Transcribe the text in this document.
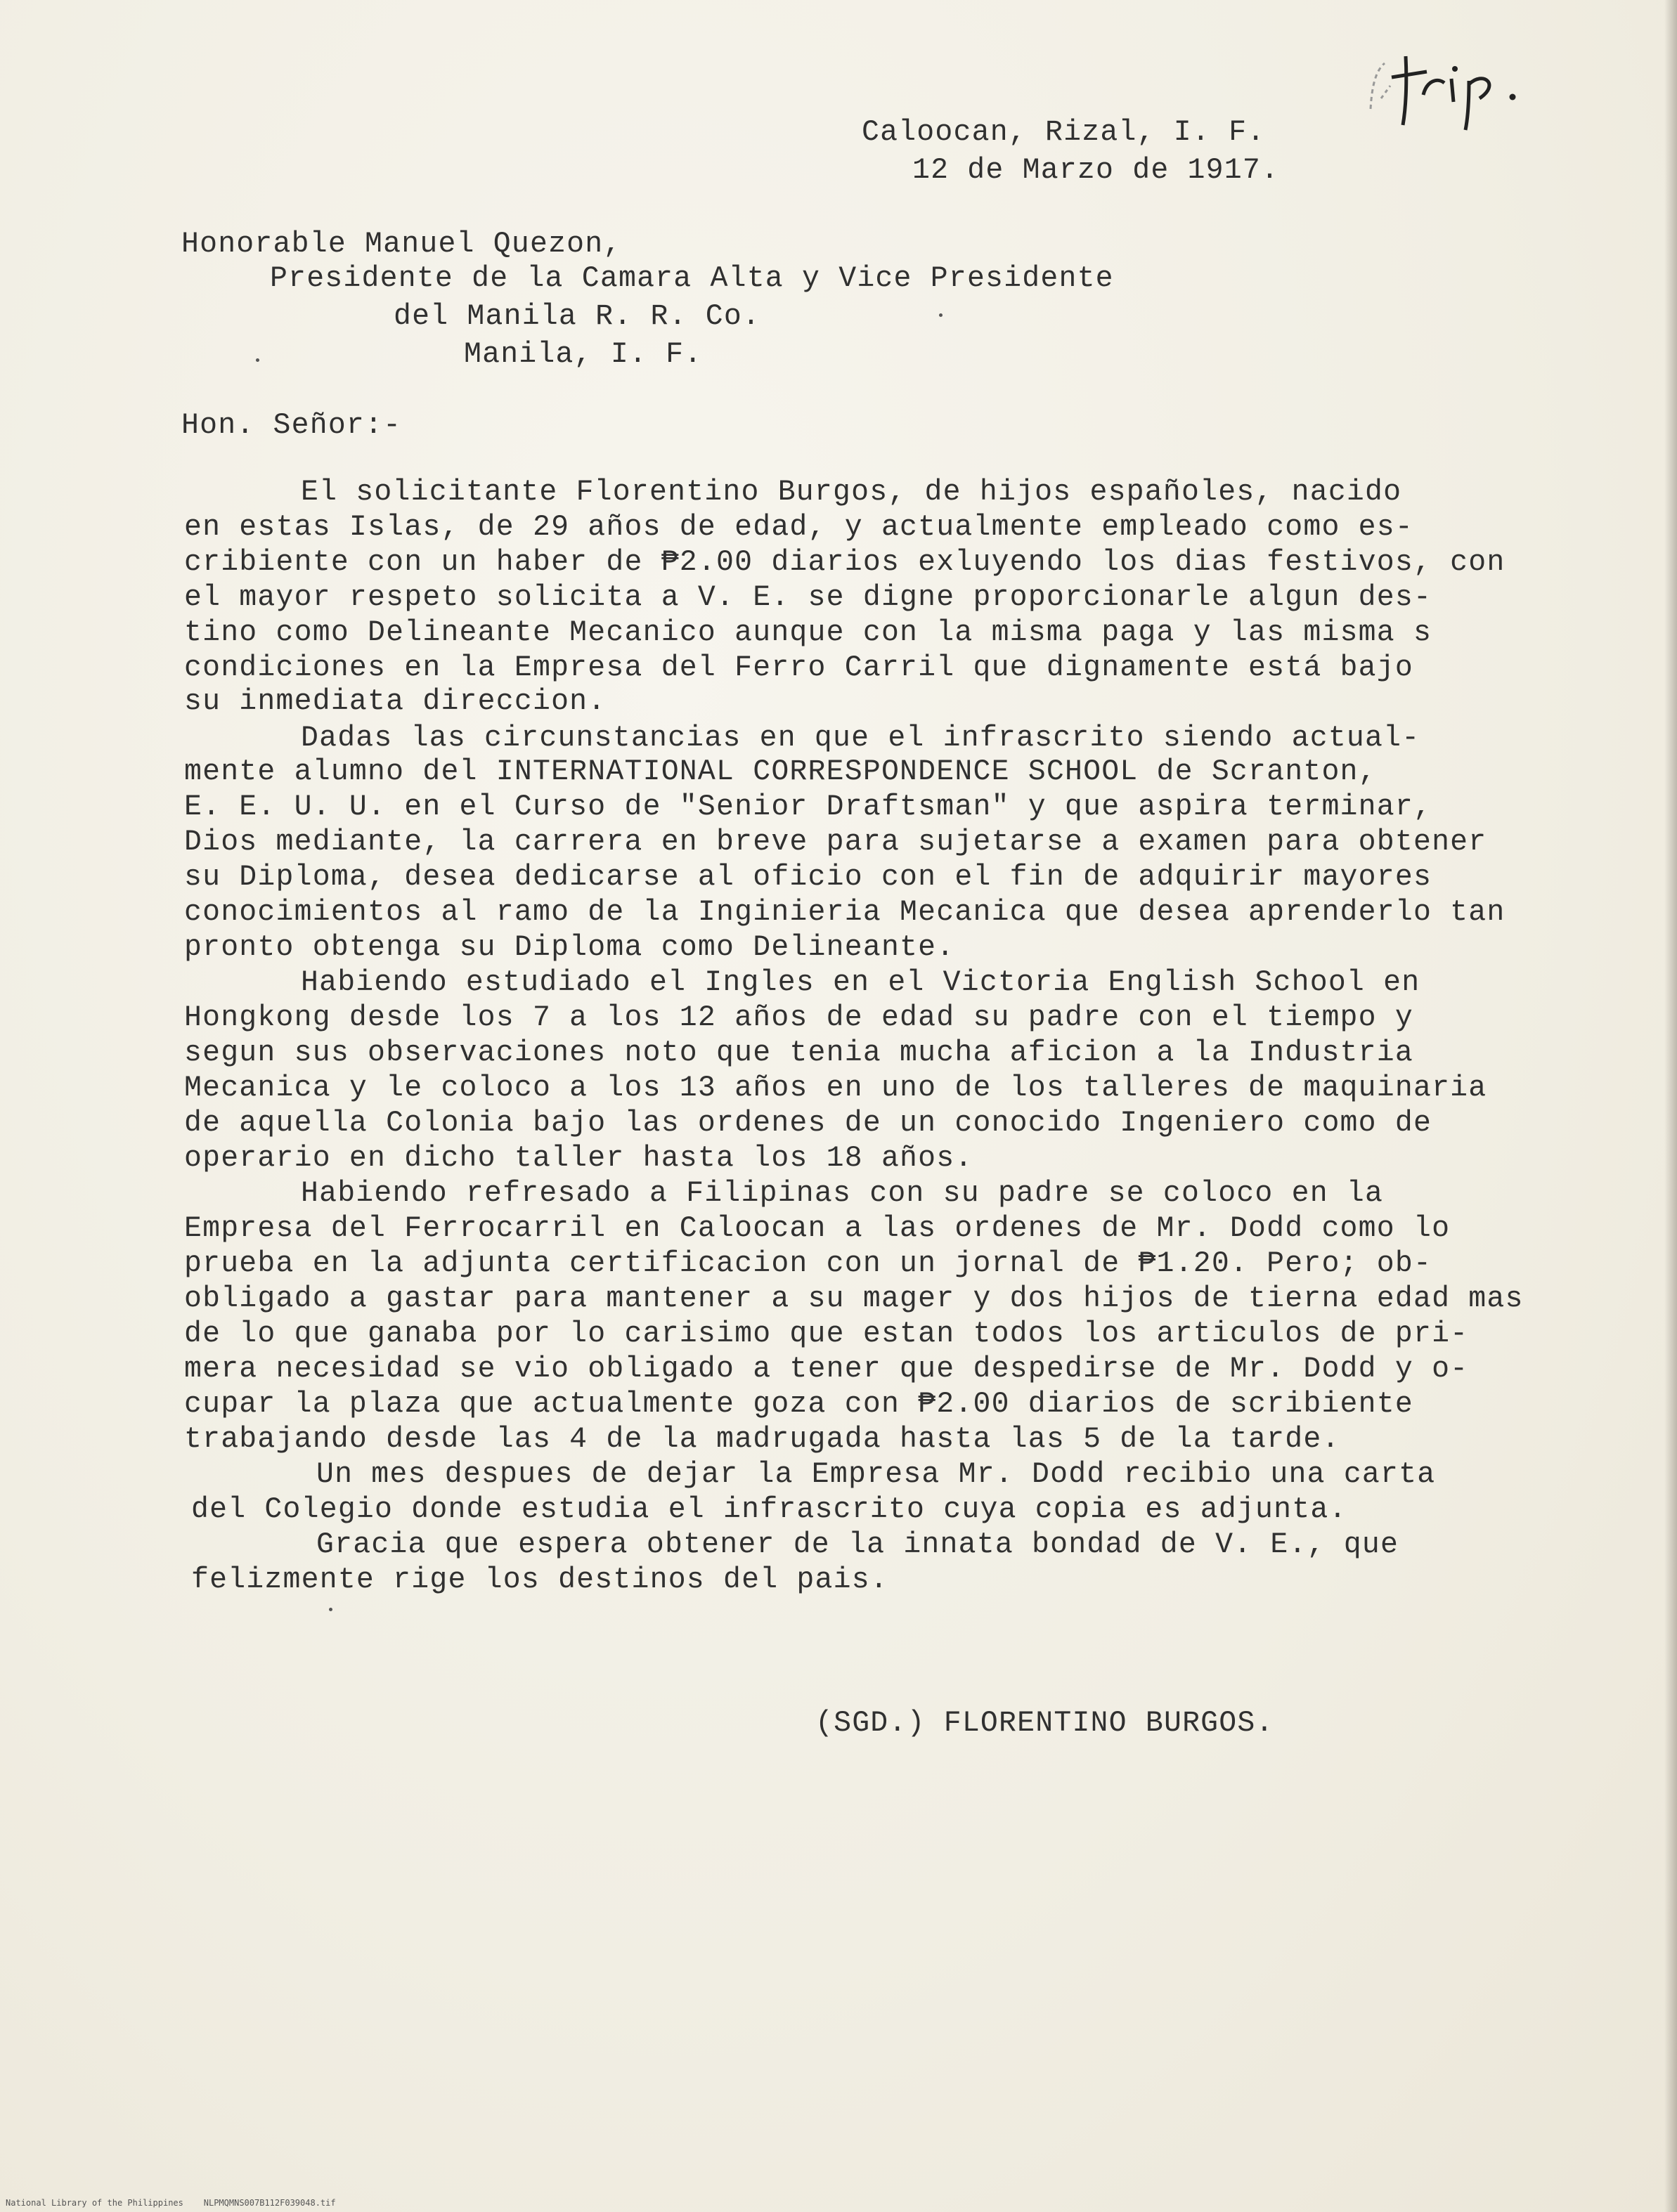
Caloocan, Rizal, I. F.
12 de Marzo de 1917.
Honorable Manuel Quezon,
Presidente de la Camara Alta y Vice Presidente
del Manila R. R. Co.
Manila, I. F.
Hon. Señor:-
El solicitante Florentino Burgos, de hijos españoles, nacido
en estas Islas, de 29 años de edad, y actualmente empleado como es-
cribiente con un haber de ₱2.00 diarios exluyendo los dias festivos, con
el mayor respeto solicita a V. E. se digne proporcionarle algun des-
tino como Delineante Mecanico aunque con la misma paga y las misma s
condiciones en la Empresa del Ferro Carril que dignamente está bajo
su inmediata direccion.
Dadas las circunstancias en que el infrascrito siendo actual-
mente alumno del INTERNATIONAL CORRESPONDENCE SCHOOL de Scranton,
E. E. U. U. en el Curso de "Senior Draftsman" y que aspira terminar,
Dios mediante, la carrera en breve para sujetarse a examen para obtener
su Diploma, desea dedicarse al oficio con el fin de adquirir mayores
conocimientos al ramo de la Inginieria Mecanica que desea aprenderlo tan
pronto obtenga su Diploma como Delineante.
Habiendo estudiado el Ingles en el Victoria English School en
Hongkong desde los 7 a los 12 años de edad su padre con el tiempo y
segun sus observaciones noto que tenia mucha aficion a la Industria
Mecanica y le coloco a los 13 años en uno de los talleres de maquinaria
de aquella Colonia bajo las ordenes de un conocido Ingeniero como de
operario en dicho taller hasta los 18 años.
Habiendo refresado a Filipinas con su padre se coloco en la
Empresa del Ferrocarril en Caloocan a las ordenes de Mr. Dodd como lo
prueba en la adjunta certificacion con un jornal de ₱1.20. Pero; ob-
obligado a gastar para mantener a su mager y dos hijos de tierna edad mas
de lo que ganaba por lo carisimo que estan todos los articulos de pri-
mera necesidad se vio obligado a tener que despedirse de Mr. Dodd y o-
cupar la plaza que actualmente goza con ₱2.00 diarios de scribiente
trabajando desde las 4 de la madrugada hasta las 5 de la tarde.
Un mes despues de dejar la Empresa Mr. Dodd recibio una carta
del Colegio donde estudia el infrascrito cuya copia es adjunta.
Gracia que espera obtener de la innata bondad de V. E., que
felizmente rige los destinos del pais.
(SGD.) FLORENTINO BURGOS.
National Library of the Philippines    NLPMQMNS007B112F039048.tif
